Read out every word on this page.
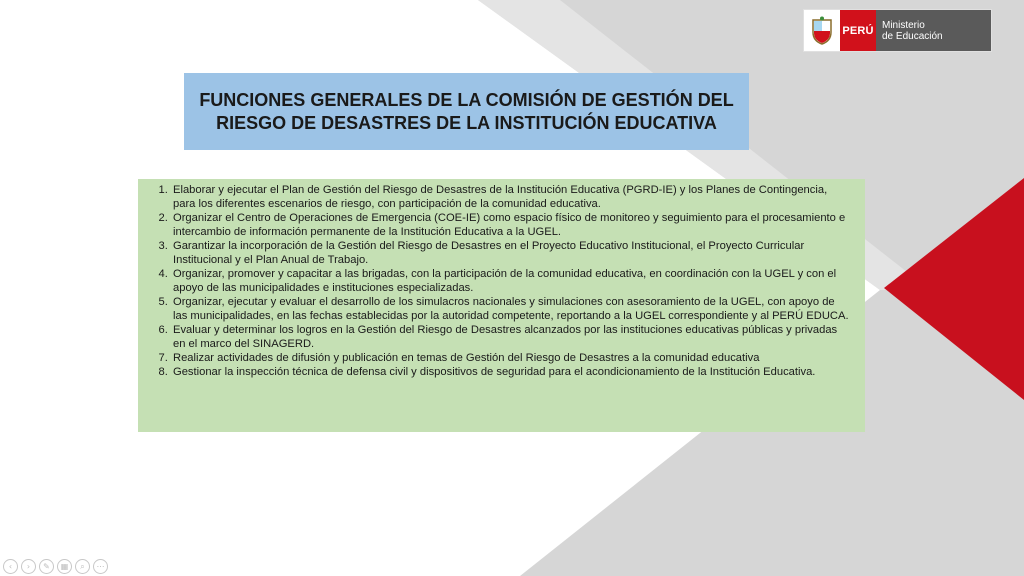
PERÚ Ministerio
de Educación
FUNCIONES GENERALES DE LA COMISIÓN DE GESTIÓN DEL RIESGO DE DESASTRES DE LA INSTITUCIÓN EDUCATIVA
1. Elaborar y ejecutar el Plan de Gestión del Riesgo de Desastres de la Institución Educativa (PGRD-IE) y los Planes de Contingencia, para los diferentes escenarios de riesgo, con participación de la comunidad educativa.
2. Organizar el Centro de Operaciones de Emergencia (COE-IE) como espacio físico de monitoreo y seguimiento para el procesamiento e intercambio de información permanente de la Institución Educativa a la UGEL.
3. Garantizar la incorporación de la Gestión del Riesgo de Desastres en el Proyecto Educativo Institucional, el Proyecto Curricular Institucional y el Plan Anual de Trabajo.
4. Organizar, promover y capacitar a las brigadas, con la participación de la comunidad educativa, en coordinación con la UGEL y con el apoyo de las municipalidades e instituciones especializadas.
5. Organizar, ejecutar y evaluar el desarrollo de los simulacros nacionales y simulaciones con asesoramiento de la UGEL, con apoyo de las municipalidades, en las fechas establecidas por la autoridad competente, reportando a la UGEL correspondiente y al PERÚ EDUCA.
6. Evaluar y determinar los logros en la Gestión del Riesgo de Desastres alcanzados por las instituciones educativas públicas y privadas en el marco del SINAGERD.
7. Realizar actividades de difusión y publicación en temas de Gestión del Riesgo de Desastres a la comunidad educativa
8. Gestionar la inspección técnica de defensa civil y dispositivos de seguridad para el acondicionamiento de la Institución Educativa.
‹	›	✎	▦	⌕	⋯
